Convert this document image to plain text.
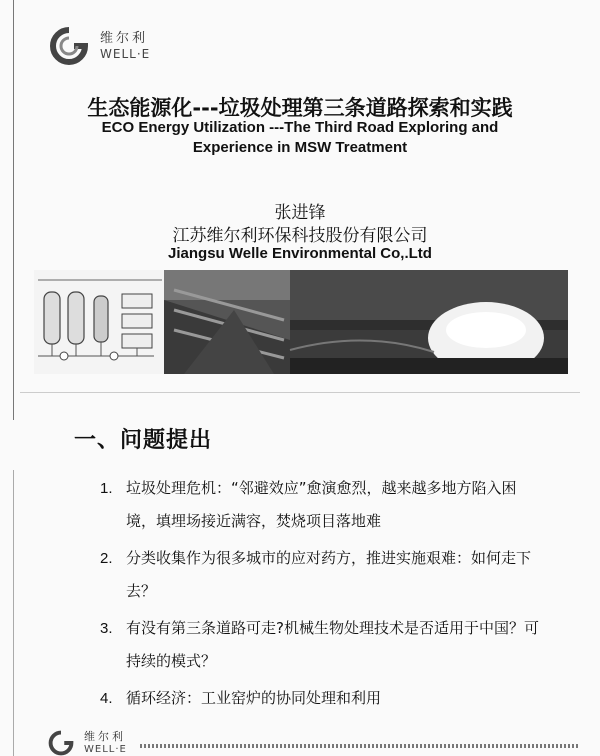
维尔利
WELL·E
生态能源化---垃圾处理第三条道路探索和实践
ECO Energy Utilization ---The Third Road Exploring and
Experience in MSW Treatment
张进锋
江苏维尔利环保科技股份有限公司
Jiangsu Welle Environmental Co,.Ltd
一、问题提出
1. 垃圾处理危机：“邻避效应”愈演愈烈，越来越多地方陷入困境，填埋场接近满容，焚烧项目落地难
2. 分类收集作为很多城市的应对药方，推进实施艰难：如何走下去？
3. 有没有第三条道路可走?机械生物处理技术是否适用于中国？可持续的模式？
4. 循环经济：工业窑炉的协同处理和利用
维尔利
WELL·E
